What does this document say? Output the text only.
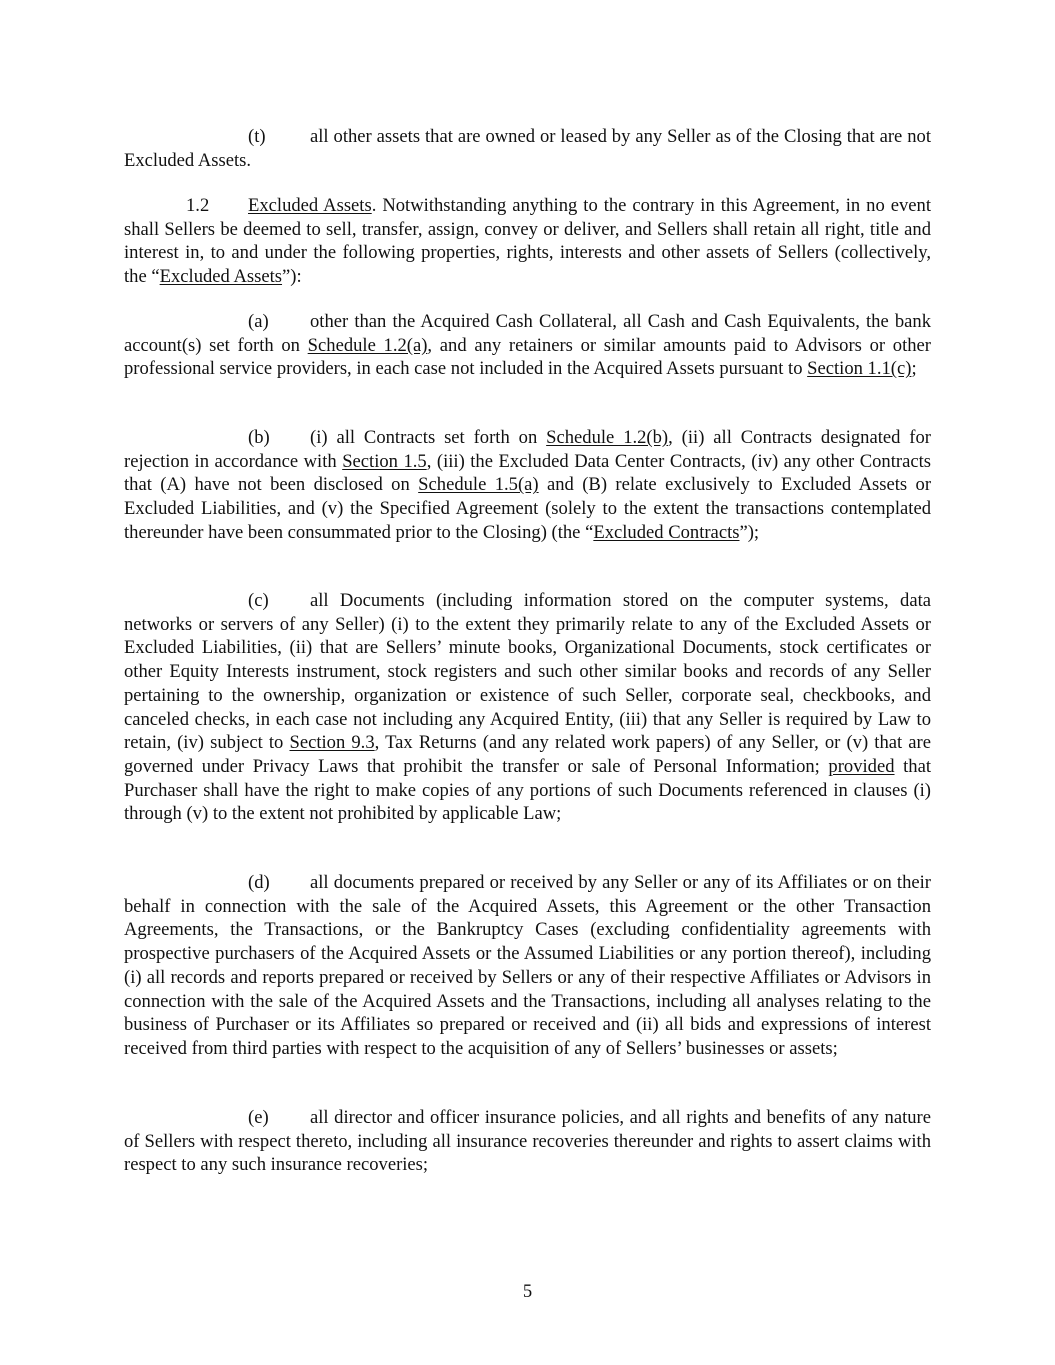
(t) all other assets that are owned or leased by any Seller as of the Closing that are not Excluded Assets.

1.2 Excluded Assets. Notwithstanding anything to the contrary in this Agreement, in no event shall Sellers be deemed to sell, transfer, assign, convey or deliver, and Sellers shall retain all right, title and interest in, to and under the following properties, rights, interests and other assets of Sellers (collectively, the “Excluded Assets”):

(a) other than the Acquired Cash Collateral, all Cash and Cash Equivalents, the bank account(s) set forth on Schedule 1.2(a), and any retainers or similar amounts paid to Advisors or other professional service providers, in each case not included in the Acquired Assets pursuant to Section 1.1(c);

(b) (i) all Contracts set forth on Schedule 1.2(b), (ii) all Contracts designated for rejection in accordance with Section 1.5, (iii) the Excluded Data Center Contracts, (iv) any other Contracts that (A) have not been disclosed on Schedule 1.5(a) and (B) relate exclusively to Excluded Assets or Excluded Liabilities, and (v) the Specified Agreement (solely to the extent the transactions contemplated thereunder have been consummated prior to the Closing) (the “Excluded Contracts”);

(c) all Documents (including information stored on the computer systems, data networks or servers of any Seller) (i) to the extent they primarily relate to any of the Excluded Assets or Excluded Liabilities, (ii) that are Sellers’ minute books, Organizational Documents, stock certificates or other Equity Interests instrument, stock registers and such other similar books and records of any Seller pertaining to the ownership, organization or existence of such Seller, corporate seal, checkbooks, and canceled checks, in each case not including any Acquired Entity, (iii) that any Seller is required by Law to retain, (iv) subject to Section 9.3, Tax Returns (and any related work papers) of any Seller, or (v) that are governed under Privacy Laws that prohibit the transfer or sale of Personal Information; provided that Purchaser shall have the right to make copies of any portions of such Documents referenced in clauses (i) through (v) to the extent not prohibited by applicable Law;

(d) all documents prepared or received by any Seller or any of its Affiliates or on their behalf in connection with the sale of the Acquired Assets, this Agreement or the other Transaction Agreements, the Transactions, or the Bankruptcy Cases (excluding confidentiality agreements with prospective purchasers of the Acquired Assets or the Assumed Liabilities or any portion thereof), including (i) all records and reports prepared or received by Sellers or any of their respective Affiliates or Advisors in connection with the sale of the Acquired Assets and the Transactions, including all analyses relating to the business of Purchaser or its Affiliates so prepared or received and (ii) all bids and expressions of interest received from third parties with respect to the acquisition of any of Sellers’ businesses or assets;

(e) all director and officer insurance policies, and all rights and benefits of any nature of Sellers with respect thereto, including all insurance recoveries thereunder and rights to assert claims with respect to any such insurance recoveries;

5
